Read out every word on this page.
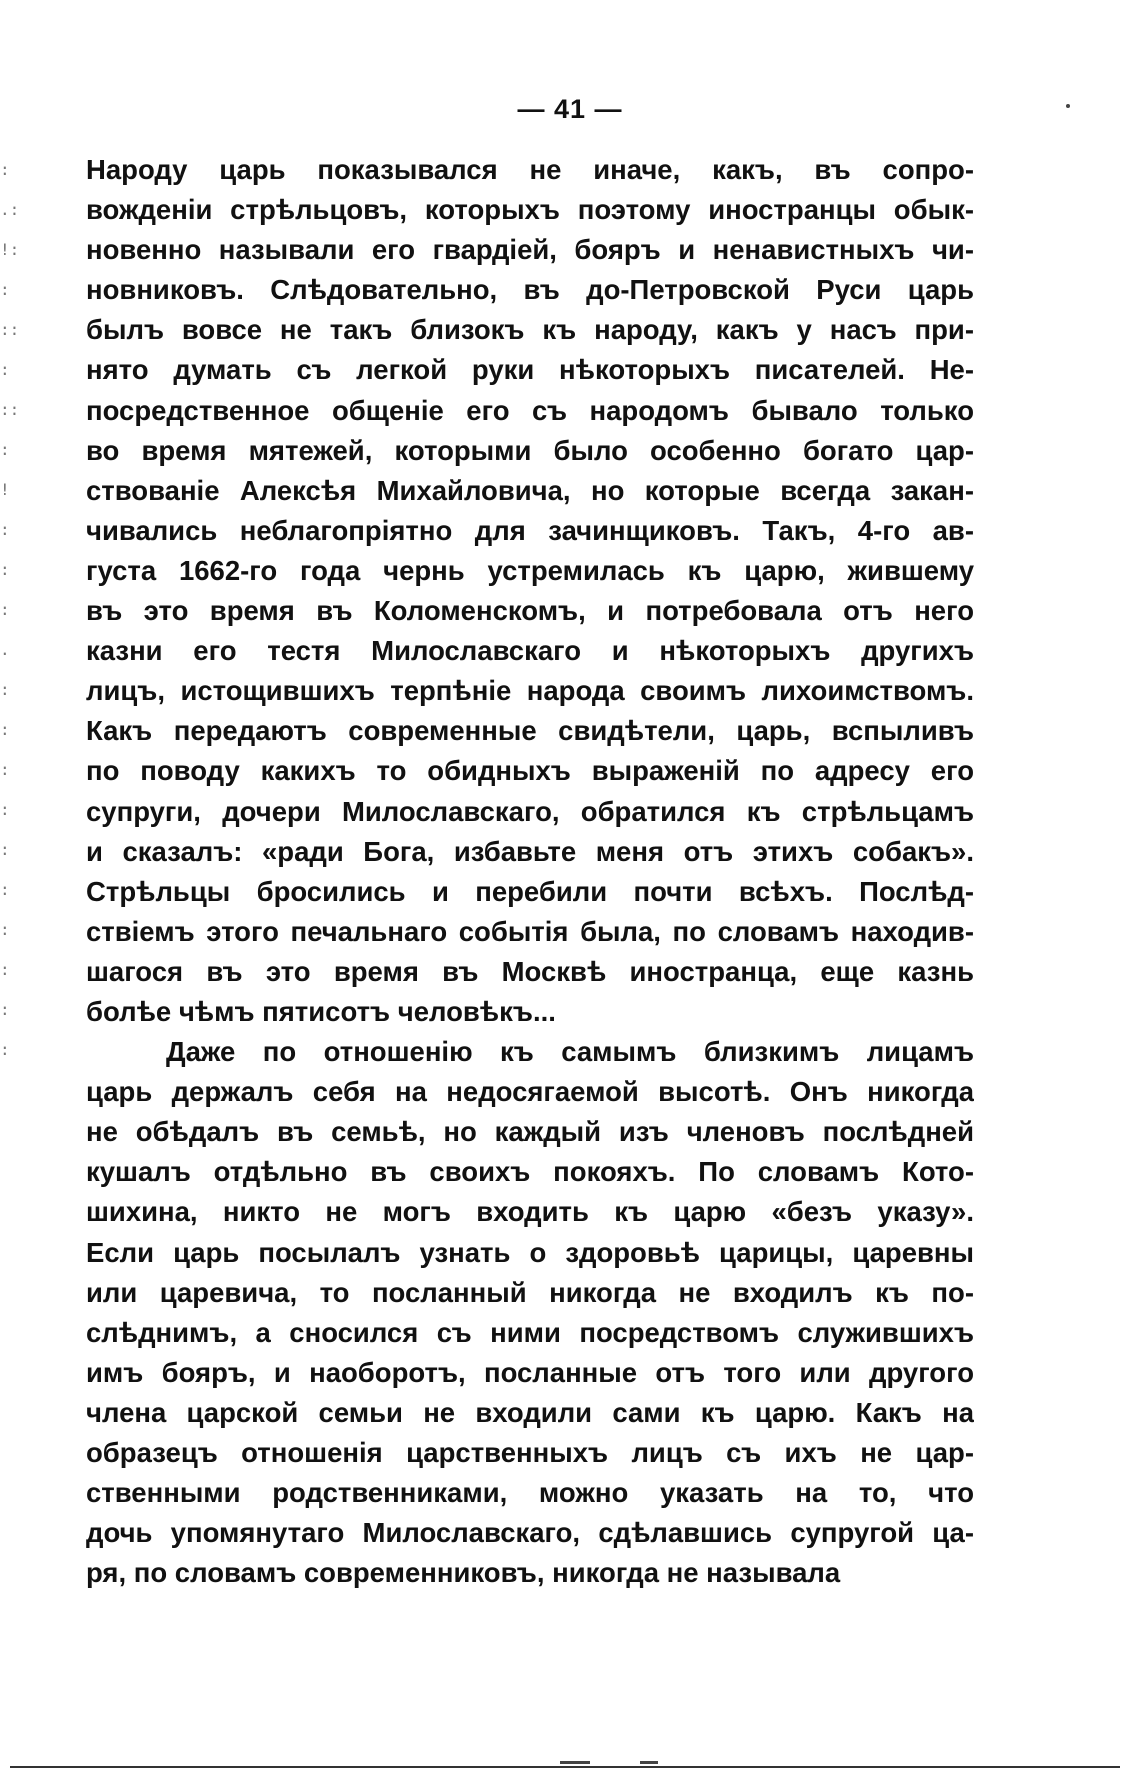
— 41 —
:
.:
!:
:
::
:
::
:
!
:
:
:
.
:
:
:
:
:
:
:
:
:
:
Народу царь показывался не иначе, какъ, въ сопро-
вожденіи стрѣльцовъ, которыхъ поэтому иностранцы обык-
новенно называли его гвардіей, бояръ и ненавистныхъ чи-
новниковъ. Слѣдовательно, въ до-Петровской Руси царь
былъ вовсе не такъ близокъ къ народу, какъ у насъ при-
нято думать съ легкой руки нѣкоторыхъ писателей. Не-
посредственное общеніе его съ народомъ бывало только
во время мятежей, которыми было особенно богато цар-
ствованіе Алексѣя Михайловича, но которые всегда закан-
чивались неблагопріятно для зачинщиковъ. Такъ, 4-го ав-
густа 1662-го года чернь устремилась къ царю, жившему
въ это время въ Коломенскомъ, и потребовала отъ него
казни его тестя Милославскаго и нѣкоторыхъ другихъ
лицъ, истощившихъ терпѣніе народа своимъ лихоимствомъ.
Какъ передаютъ современные свидѣтели, царь, вспыливъ
по поводу какихъ то обидныхъ выраженій по адресу его
супруги, дочери Милославскаго, обратился къ стрѣльцамъ
и сказалъ: «ради Бога, избавьте меня отъ этихъ собакъ».
Стрѣльцы бросились и перебили почти всѣхъ. Послѣд-
ствіемъ этого печальнаго событія была, по словамъ находив-
шагося въ это время въ Москвѣ иностранца, еще казнь
болѣе чѣмъ пятисотъ человѣкъ...
Даже по отношенію къ самымъ близкимъ лицамъ
царь держалъ себя на недосягаемой высотѣ. Онъ никогда
не обѣдалъ въ семьѣ, но каждый изъ членовъ послѣдней
кушалъ отдѣльно въ своихъ покояхъ. По словамъ Кото-
шихина, никто не могъ входить къ царю «безъ указу».
Если царь посылалъ узнать о здоровьѣ царицы, царевны
или царевича, то посланный никогда не входилъ къ по-
слѣднимъ, а сносился съ ними посредствомъ служившихъ
имъ бояръ, и наоборотъ, посланные отъ того или другого
члена царской семьи не входили сами къ царю. Какъ на
образецъ отношенія царственныхъ лицъ съ ихъ не цар-
ственными родственниками, можно указать на то, что
дочь упомянутаго Милославскаго, сдѣлавшись супругой ца-
ря, по словамъ современниковъ, никогда не называла
